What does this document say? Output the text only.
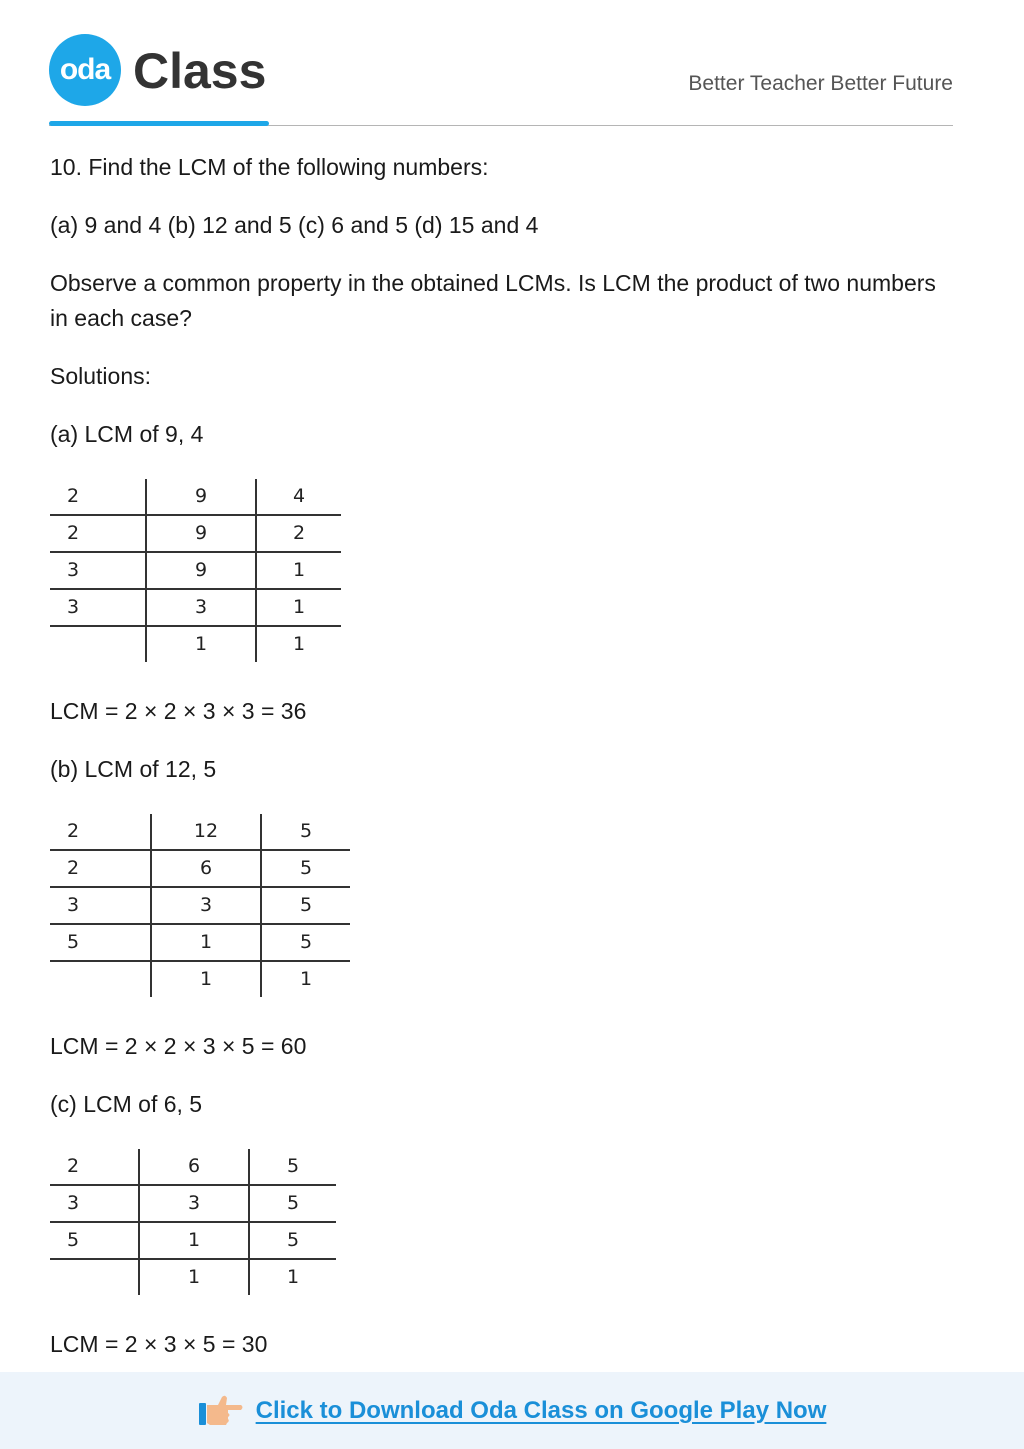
oda Class	Better Teacher Better Future

10. Find the LCM of the following numbers:

(a) 9 and 4 (b) 12 and 5 (c) 6 and 5 (d) 15 and 4

Observe a common property in the obtained LCMs. Is LCM the product of two numbers in each case?

Solutions:

(a) LCM of 9, 4

2	9	4
2	9	2
3	9	1
3	3	1
	1	1

LCM = 2 × 2 × 3 × 3 = 36

(b) LCM of 12, 5

2	12	5
2	6	5
3	3	5
5	1	5
	1	1

LCM = 2 × 2 × 3 × 5 = 60

(c) LCM of 6, 5

2	6	5
3	3	5
5	1	5
	1	1

LCM = 2 × 3 × 5 = 30

Click to Download Oda Class on Google Play Now
